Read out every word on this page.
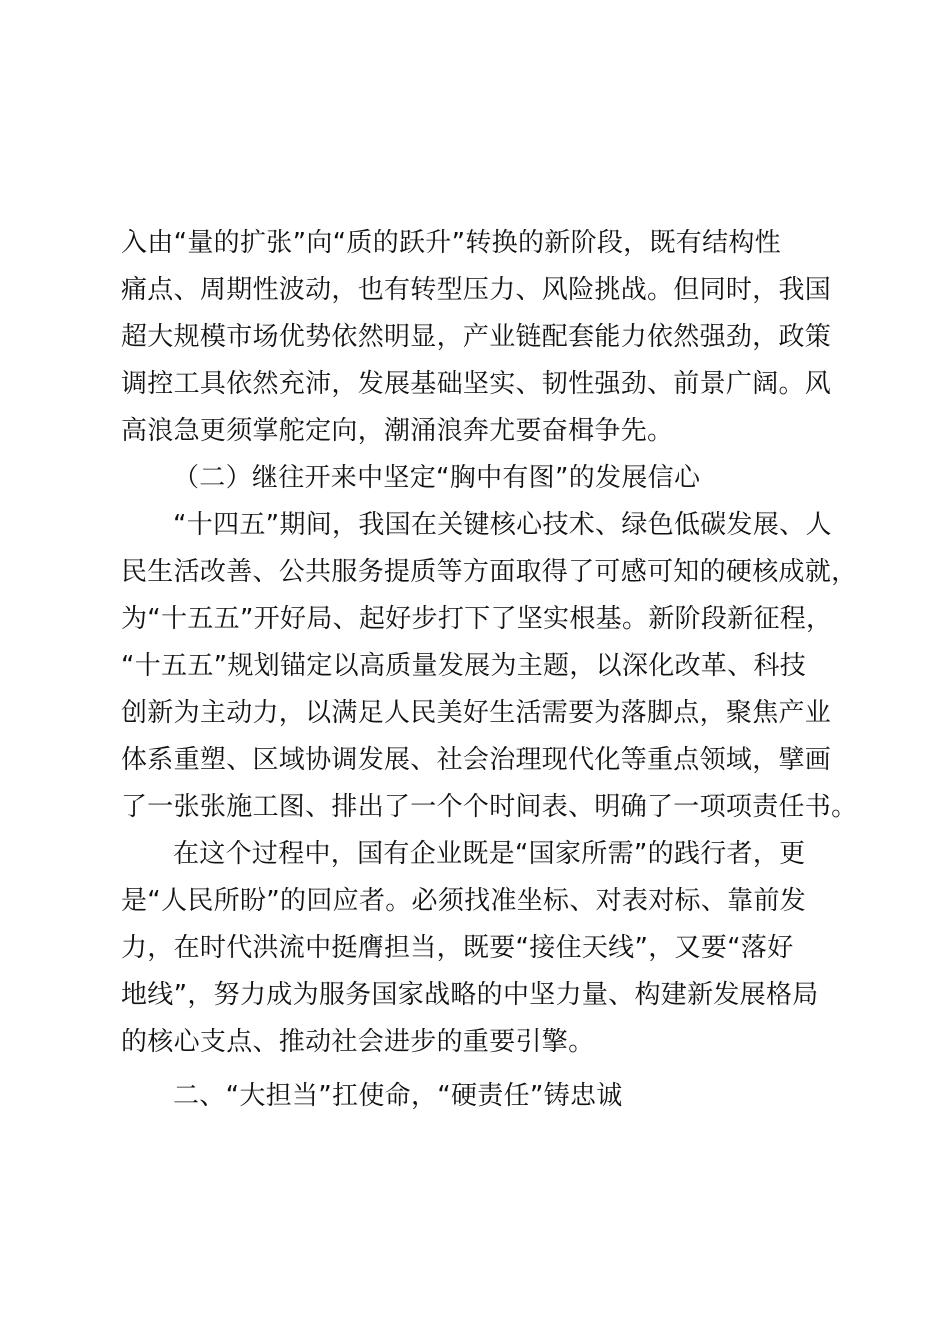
入由“量的扩张”向“质的跃升”转换的新阶段，既有结构性
痛点、周期性波动，也有转型压力、风险挑战。但同时，我国
超大规模市场优势依然明显，产业链配套能力依然强劲，政策
调控工具依然充沛，发展基础坚实、韧性强劲、前景广阔。风
高浪急更须掌舵定向，潮涌浪奔尤要奋楫争先。
（二）继往开来中坚定“胸中有图”的发展信心
“十四五”期间，我国在关键核心技术、绿色低碳发展、人
民生活改善、公共服务提质等方面取得了可感可知的硬核成就，
为“十五五”开好局、起好步打下了坚实根基。新阶段新征程，
“十五五”规划锚定以高质量发展为主题，以深化改革、科技
创新为主动力，以满足人民美好生活需要为落脚点，聚焦产业
体系重塑、区域协调发展、社会治理现代化等重点领域，擘画
了一张张施工图、排出了一个个时间表、明确了一项项责任书。
在这个过程中，国有企业既是“国家所需”的践行者，更
是“人民所盼”的回应者。必须找准坐标、对表对标、靠前发
力，在时代洪流中挺膺担当，既要“接住天线”，又要“落好
地线”，努力成为服务国家战略的中坚力量、构建新发展格局
的核心支点、推动社会进步的重要引擎。
二、“大担当”扛使命，“硬责任”铸忠诚
